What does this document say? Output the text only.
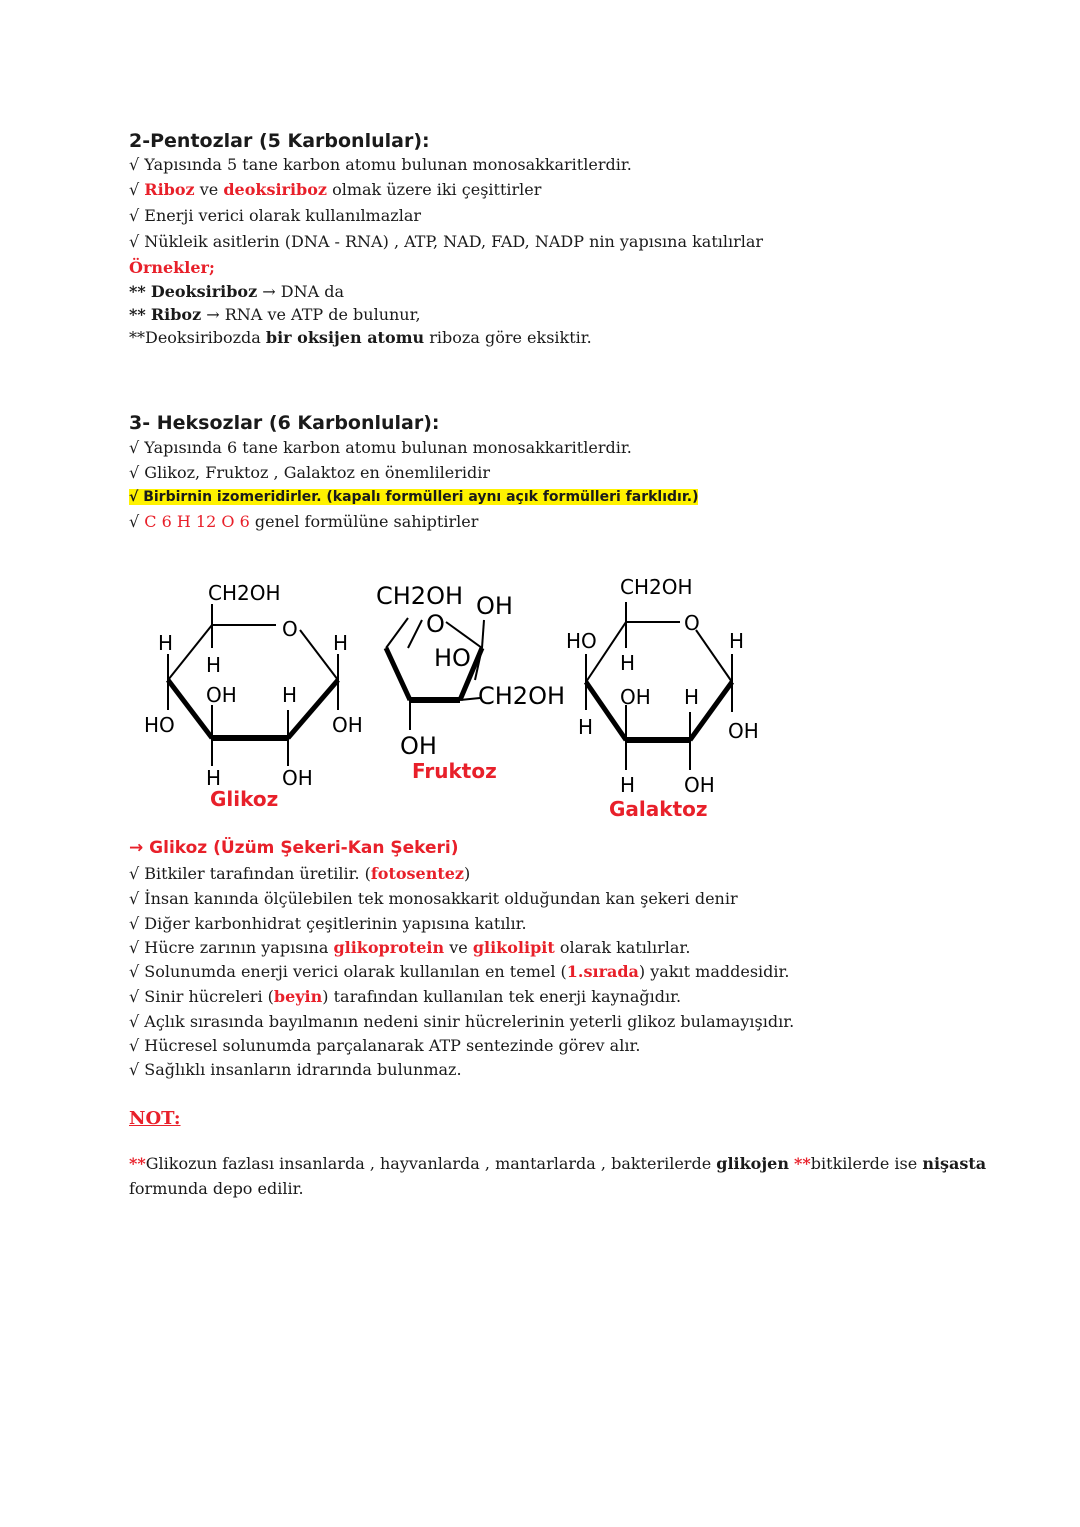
2-Pentozlar (5 Karbonlular):
√ Yapısında 5 tane karbon atomu bulunan monosakkaritlerdir.
√ Riboz ve deoksiriboz olmak üzere iki çeşittirler
√ Enerji verici olarak kullanılmazlar
√ Nükleik asitlerin (DNA - RNA) , ATP, NAD, FAD, NADP nin yapısına katılırlar
Örnekler;
** Deoksiriboz → DNA da
** Riboz → RNA ve ATP de bulunur,
**Deoksiribozda bir oksijen atomu riboza göre eksiktir.
3- Heksozlar (6 Karbonlular):
√ Yapısında 6 tane karbon atomu bulunan monosakkaritlerdir.
√ Glikoz, Fruktoz , Galaktoz en önemlileridir
√ Birbirnin izomeridirler. (kapalı formülleri aynı açık formülleri farklıdır.)
√ C 6 H 12 O 6 genel formülüne sahiptirler
CH2OH
O
H
H
OH H
H
HO	OH
H	OH
Glikoz
CH2OH OH
O
HO
CH2OH
OH
Fruktoz
CH2OH
O
HO
H
H
OH H
H	OH
H OH
Galaktoz
→ Glikoz (Üzüm Şekeri-Kan Şekeri)
√ Bitkiler tarafından üretilir. (fotosentez)
√ İnsan kanında ölçülebilen tek monosakkarit olduğundan kan şekeri denir
√ Diğer karbonhidrat çeşitlerinin yapısına katılır.
√ Hücre zarının yapısına glikoprotein ve glikolipit olarak katılırlar.
√ Solunumda enerji verici olarak kullanılan en temel (1.sırada) yakıt maddesidir.
√ Sinir hücreleri (beyin) tarafından kullanılan tek enerji kaynağıdır.
√ Açlık sırasında bayılmanın nedeni sinir hücrelerinin yeterli glikoz bulamayışıdır.
√ Hücresel solunumda parçalanarak ATP sentezinde görev alır.
√ Sağlıklı insanların idrarında bulunmaz.
NOT:
**Glikozun fazlası insanlarda , hayvanlarda , mantarlarda , bakterilerde glikojen **bitkilerde ise nişasta
formunda depo edilir.
